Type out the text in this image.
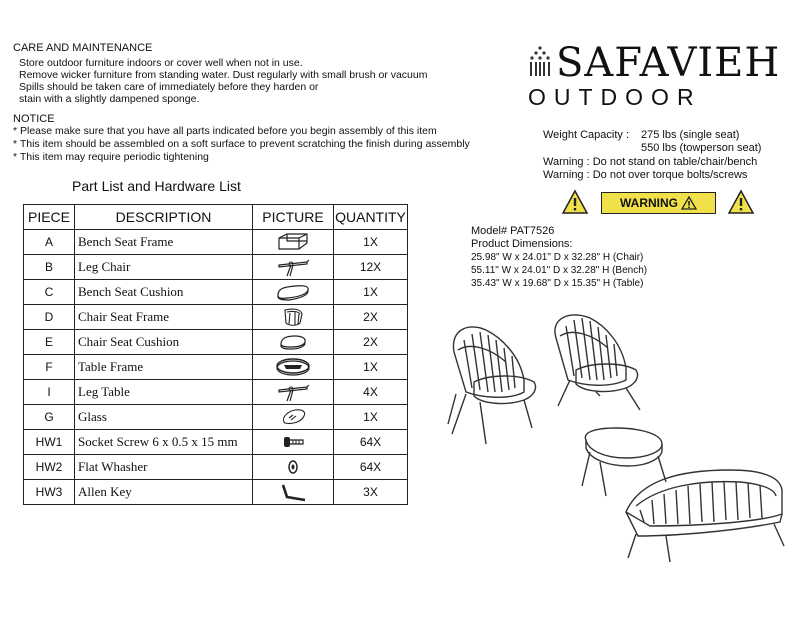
CARE AND MAINTENANCE
Store outdoor furniture indoors or cover well when not in use.
Remove wicker furniture from standing water. Dust regularly with small brush or vacuum
Spills should be taken care of immediately before they harden or
stain with a slightly dampened sponge.
NOTICE
* Please make sure that you have all parts indicated before you begin assembly of this item
* This item should be assembled on a soft surface to prevent scratching the finish during assembly
* This item may require periodic tightening
Part List and Hardware List
PIECE	DESCRIPTION	PICTURE	QUANTITY
A	Bench Seat Frame		1X
B	Leg Chair		12X
C	Bench Seat Cushion		1X
D	Chair Seat Frame		2X
E	Chair Seat Cushion		2X
F	Table Frame		1X
I	Leg Table		4X
G	Glass		1X
HW1	Socket Screw 6 x 0.5 x 15 mm		64X
HW2	Flat Whasher		64X
HW3	Allen Key		3X
SAFAVIEH
OUTDOOR
Weight Capacity : 275 lbs (single seat)
550 lbs (towperson seat)
Warning : Do not stand on table/chair/bench
Warning : Do not over torque bolts/screws
WARNING
Model# PAT7526
Product Dimensions:
25.98" W x 24.01" D x 32.28" H (Chair)
55.11" W x 24.01" D x 32.28" H (Bench)
35.43" W x 19.68" D x 15.35" H (Table)
